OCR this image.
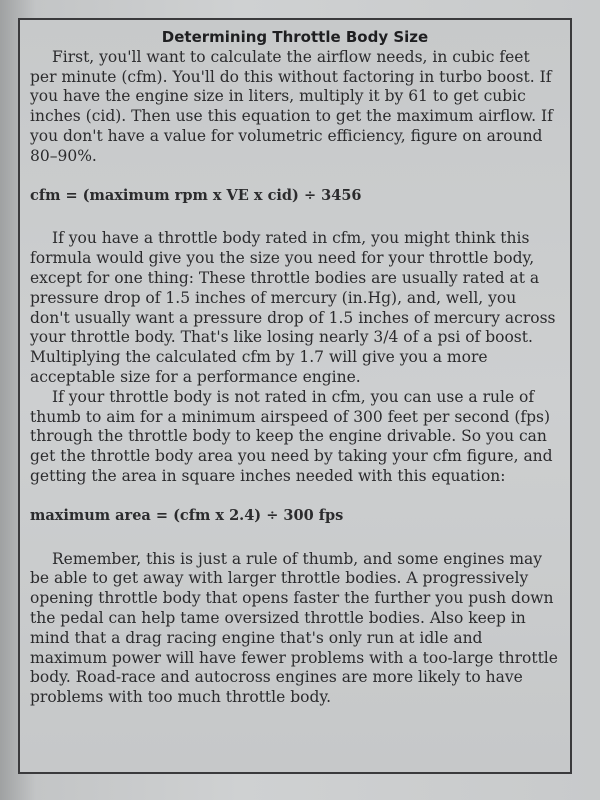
Determining Throttle Body Size

First, you'll want to calculate the airflow needs, in cubic feet per minute (cfm). You'll do this without factoring in turbo boost. If you have the engine size in liters, multiply it by 61 to get cubic inches (cid). Then use this equation to get the maximum airflow. If you don't have a value for volumetric efficiency, figure on around 80–90%.

cfm = (maximum rpm x VE x cid) ÷ 3456

If you have a throttle body rated in cfm, you might think this formula would give you the size you need for your throttle body, except for one thing: These throttle bodies are usually rated at a pressure drop of 1.5 inches of mercury (in.Hg), and, well, you don't usually want a pressure drop of 1.5 inches of mercury across your throttle body. That's like losing nearly 3/4 of a psi of boost. Multiplying the calculated cfm by 1.7 will give you a more acceptable size for a performance engine.

If your throttle body is not rated in cfm, you can use a rule of thumb to aim for a minimum airspeed of 300 feet per second (fps) through the throttle body to keep the engine drivable. So you can get the throttle body area you need by taking your cfm figure, and getting the area in square inches needed with this equation:

maximum area = (cfm x 2.4) ÷ 300 fps

Remember, this is just a rule of thumb, and some engines may be able to get away with larger throttle bodies. A progressively opening throttle body that opens faster the further you push down the pedal can help tame oversized throttle bodies. Also keep in mind that a drag racing engine that's only run at idle and maximum power will have fewer problems with a too-large throttle body. Road-race and autocross engines are more likely to have problems with too much throttle body.
